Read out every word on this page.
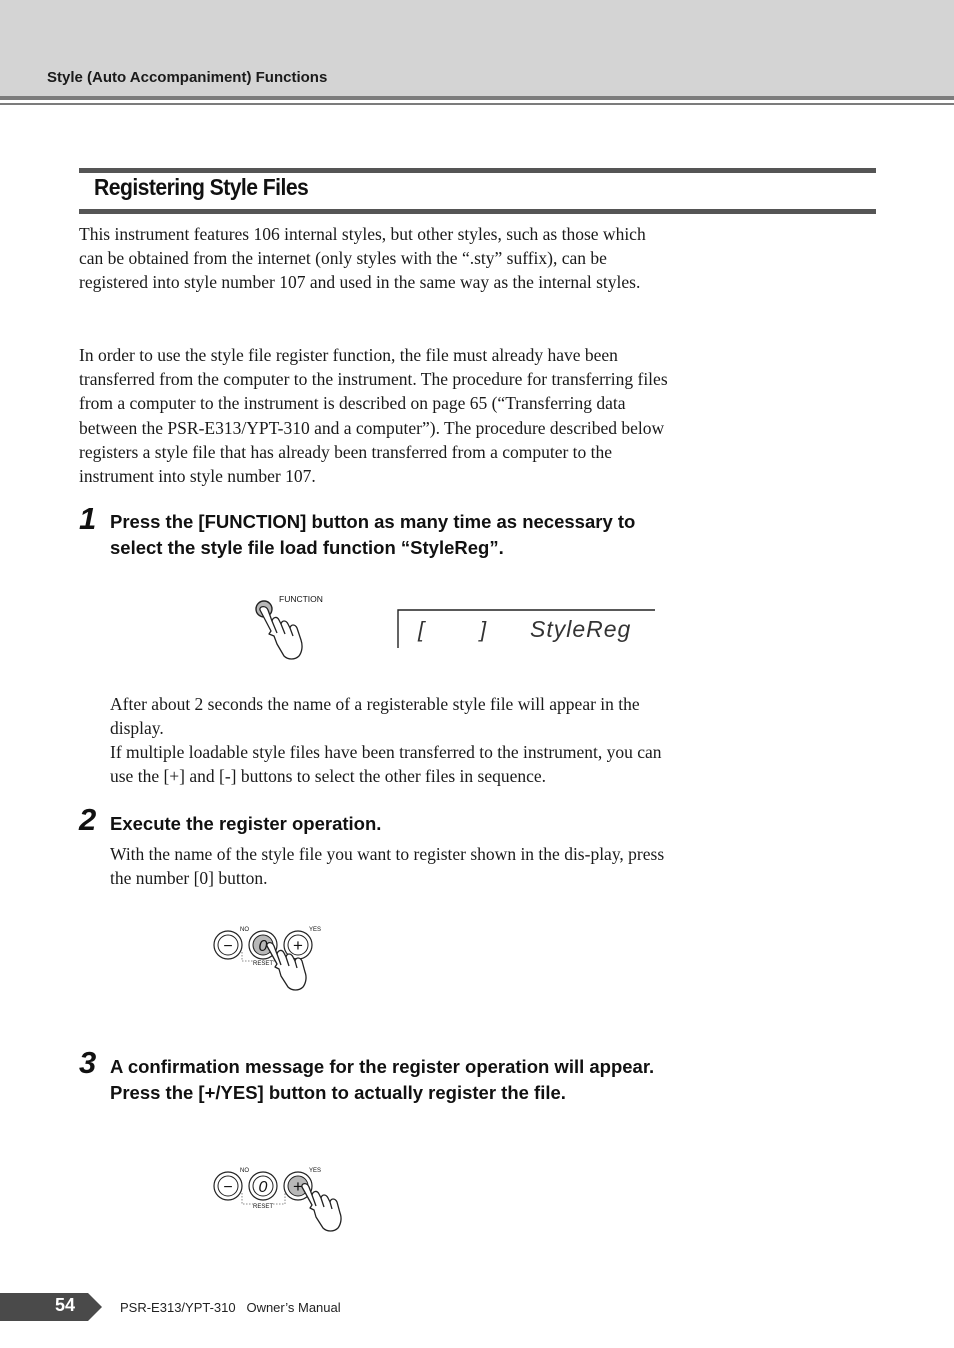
Style (Auto Accompaniment) Functions
Registering Style Files

This instrument features 106 internal styles, but other styles, such as those which can be obtained from the internet (only styles with the “.sty” suffix), can be registered into style number 107 and used in the same way as the internal styles.

In order to use the style file register function, the file must already have been transferred from the computer to the instrument. The procedure for transferring files from a computer to the instrument is described on page 65 (“Transferring data between the PSR-E313/YPT-310 and a computer”). The procedure described below registers a style file that has already been transferred from a computer to the instrument into style number 107.

1 Press the [FUNCTION] button as many time as necessary to select the style file load function “StyleReg”.

FUNCTION
[	] StyleReg

After about 2 seconds the name of a registerable style file will appear in the display.

If multiple loadable style files have been transferred to the instrument, you can use the [+] and [-] buttons to select the other files in sequence.

2 Execute the register operation.

With the name of the style file you want to register shown in the dis-play, press the number [0] button.

NO	YES
− 0 +
RESET
3 A confirmation message for the register operation will appear. Press the [+/YES] button to actually register the file.

NO	YES
− 0 +
RESET
54	PSR-E313/YPT-310   Owner’s Manual
